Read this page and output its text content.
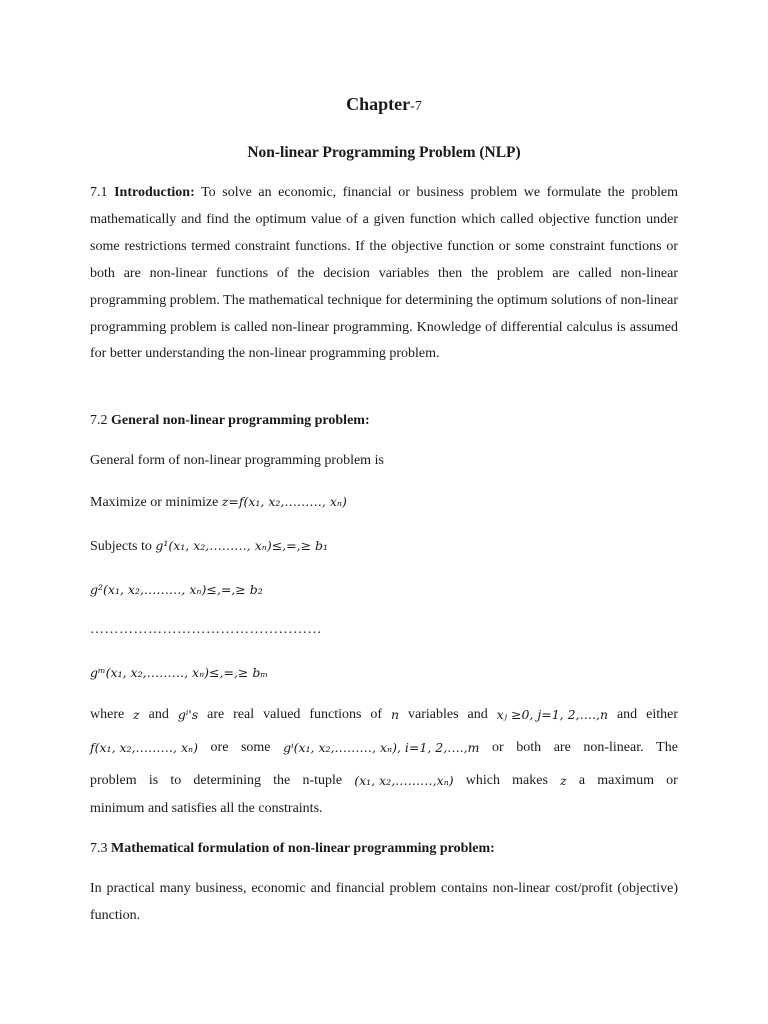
Chapter-7
Non-linear Programming Problem (NLP)
7.1 Introduction: To solve an economic, financial or business problem we formulate the problem mathematically and find the optimum value of a given function which called objective function under some restrictions termed constraint functions. If the objective function or some constraint functions or both are non-linear functions of the decision variables then the problem are called non-linear programming problem. The mathematical technique for determining the optimum solutions of non-linear programming problem is called non-linear programming. Knowledge of differential calculus is assumed for better understanding the non-linear programming problem.
7.2 General non-linear programming problem:
General form of non-linear programming problem is
Maximize or minimize z=f(x₁, x₂,………, xₙ)
Subjects to g¹(x₁, x₂,………, xₙ)≤,=,≥ b₁
g²(x₁, x₂,………, xₙ)≤,=,≥ b₂
…………………………………………
gᵐ(x₁, x₂,………, xₙ)≤,=,≥ bₘ
where z and gⁱ's are real valued functions of n variables and xⱼ ≥0, j=1, 2,….,n and either
f(x₁, x₂,………, xₙ) ore some gⁱ(x₁, x₂,………, xₙ), i=1, 2,….,m or both are non-linear. The
problem is to determining the n-tuple (x₁, x₂,………,xₙ) which makes z a maximum or
minimum and satisfies all the constraints.
7.3 Mathematical formulation of non-linear programming problem:
In practical many business, economic and financial problem contains non-linear cost/profit (objective) function.
